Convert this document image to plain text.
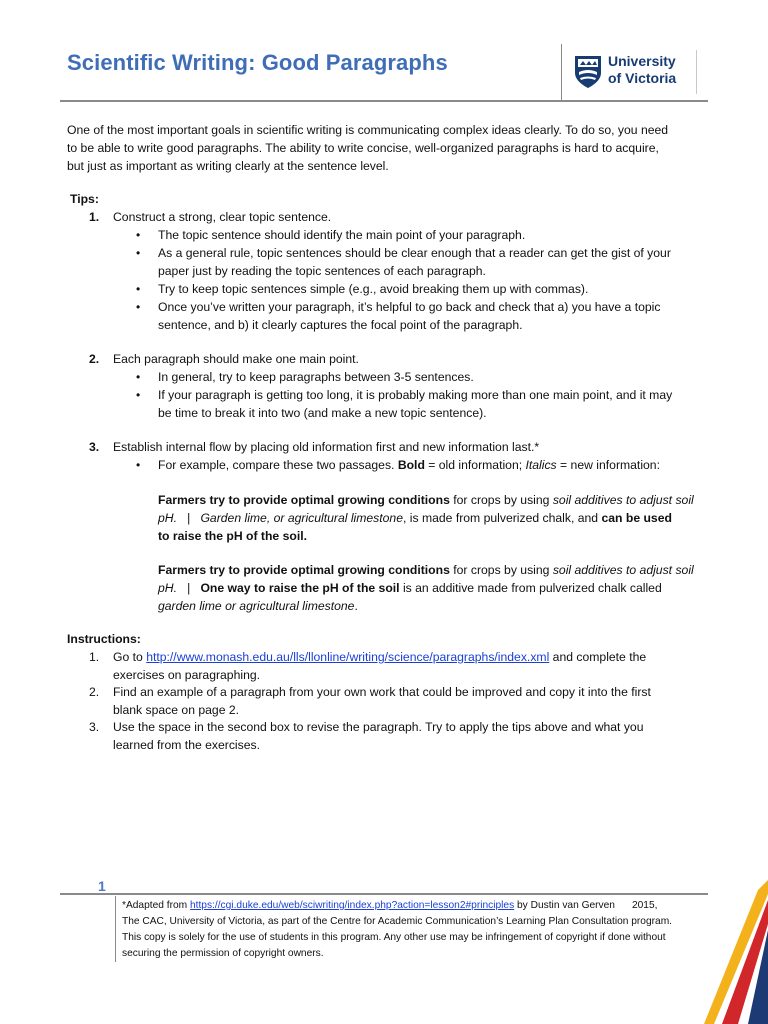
Scientific Writing: Good Paragraphs	University
of Victoria
One of the most important goals in scientific writing is communicating complex ideas clearly. To do so, you need
to be able to write good paragraphs. The ability to write concise, well-organized paragraphs is hard to acquire,
but just as important as writing clearly at the sentence level.
Tips:
1. Construct a strong, clear topic sentence.
• The topic sentence should identify the main point of your paragraph.
• As a general rule, topic sentences should be clear enough that a reader can get the gist of your
paper just by reading the topic sentences of each paragraph.
• Try to keep topic sentences simple (e.g., avoid breaking them up with commas).
• Once you’ve written your paragraph, it’s helpful to go back and check that a) you have a topic
sentence, and b) it clearly captures the focal point of the paragraph.
2. Each paragraph should make one main point.
• In general, try to keep paragraphs between 3-5 sentences.
• If your paragraph is getting too long, it is probably making more than one main point, and it may
be time to break it into two (and make a new topic sentence).
3. Establish internal flow by placing old information first and new information last.*
• For example, compare these two passages. Bold = old information; Italics = new information:
Farmers try to provide optimal growing conditions for crops by using soil additives to adjust soil
pH.   |   Garden lime, or agricultural limestone, is made from pulverized chalk, and can be used
to raise the pH of the soil.
Farmers try to provide optimal growing conditions for crops by using soil additives to adjust soil
pH.   |   One way to raise the pH of the soil is an additive made from pulverized chalk called
garden lime or agricultural limestone.
Instructions:
1. Go to http://www.monash.edu.au/lls/llonline/writing/science/paragraphs/index.xml and complete the
exercises on paragraphing.
2. Find an example of a paragraph from your own work that could be improved and copy it into the first
blank space on page 2.
3. Use the space in the second box to revise the paragraph. Try to apply the tips above and what you
learned from the exercises.
1
*Adapted from https://cgi.duke.edu/web/sciwriting/index.php?action=lesson2#principles by Dustin van Gerven      2015,
The CAC, University of Victoria, as part of the Centre for Academic Communication’s Learning Plan Consultation program.
This copy is solely for the use of students in this program. Any other use may be infringement of copyright if done without
securing the permission of copyright owners.
